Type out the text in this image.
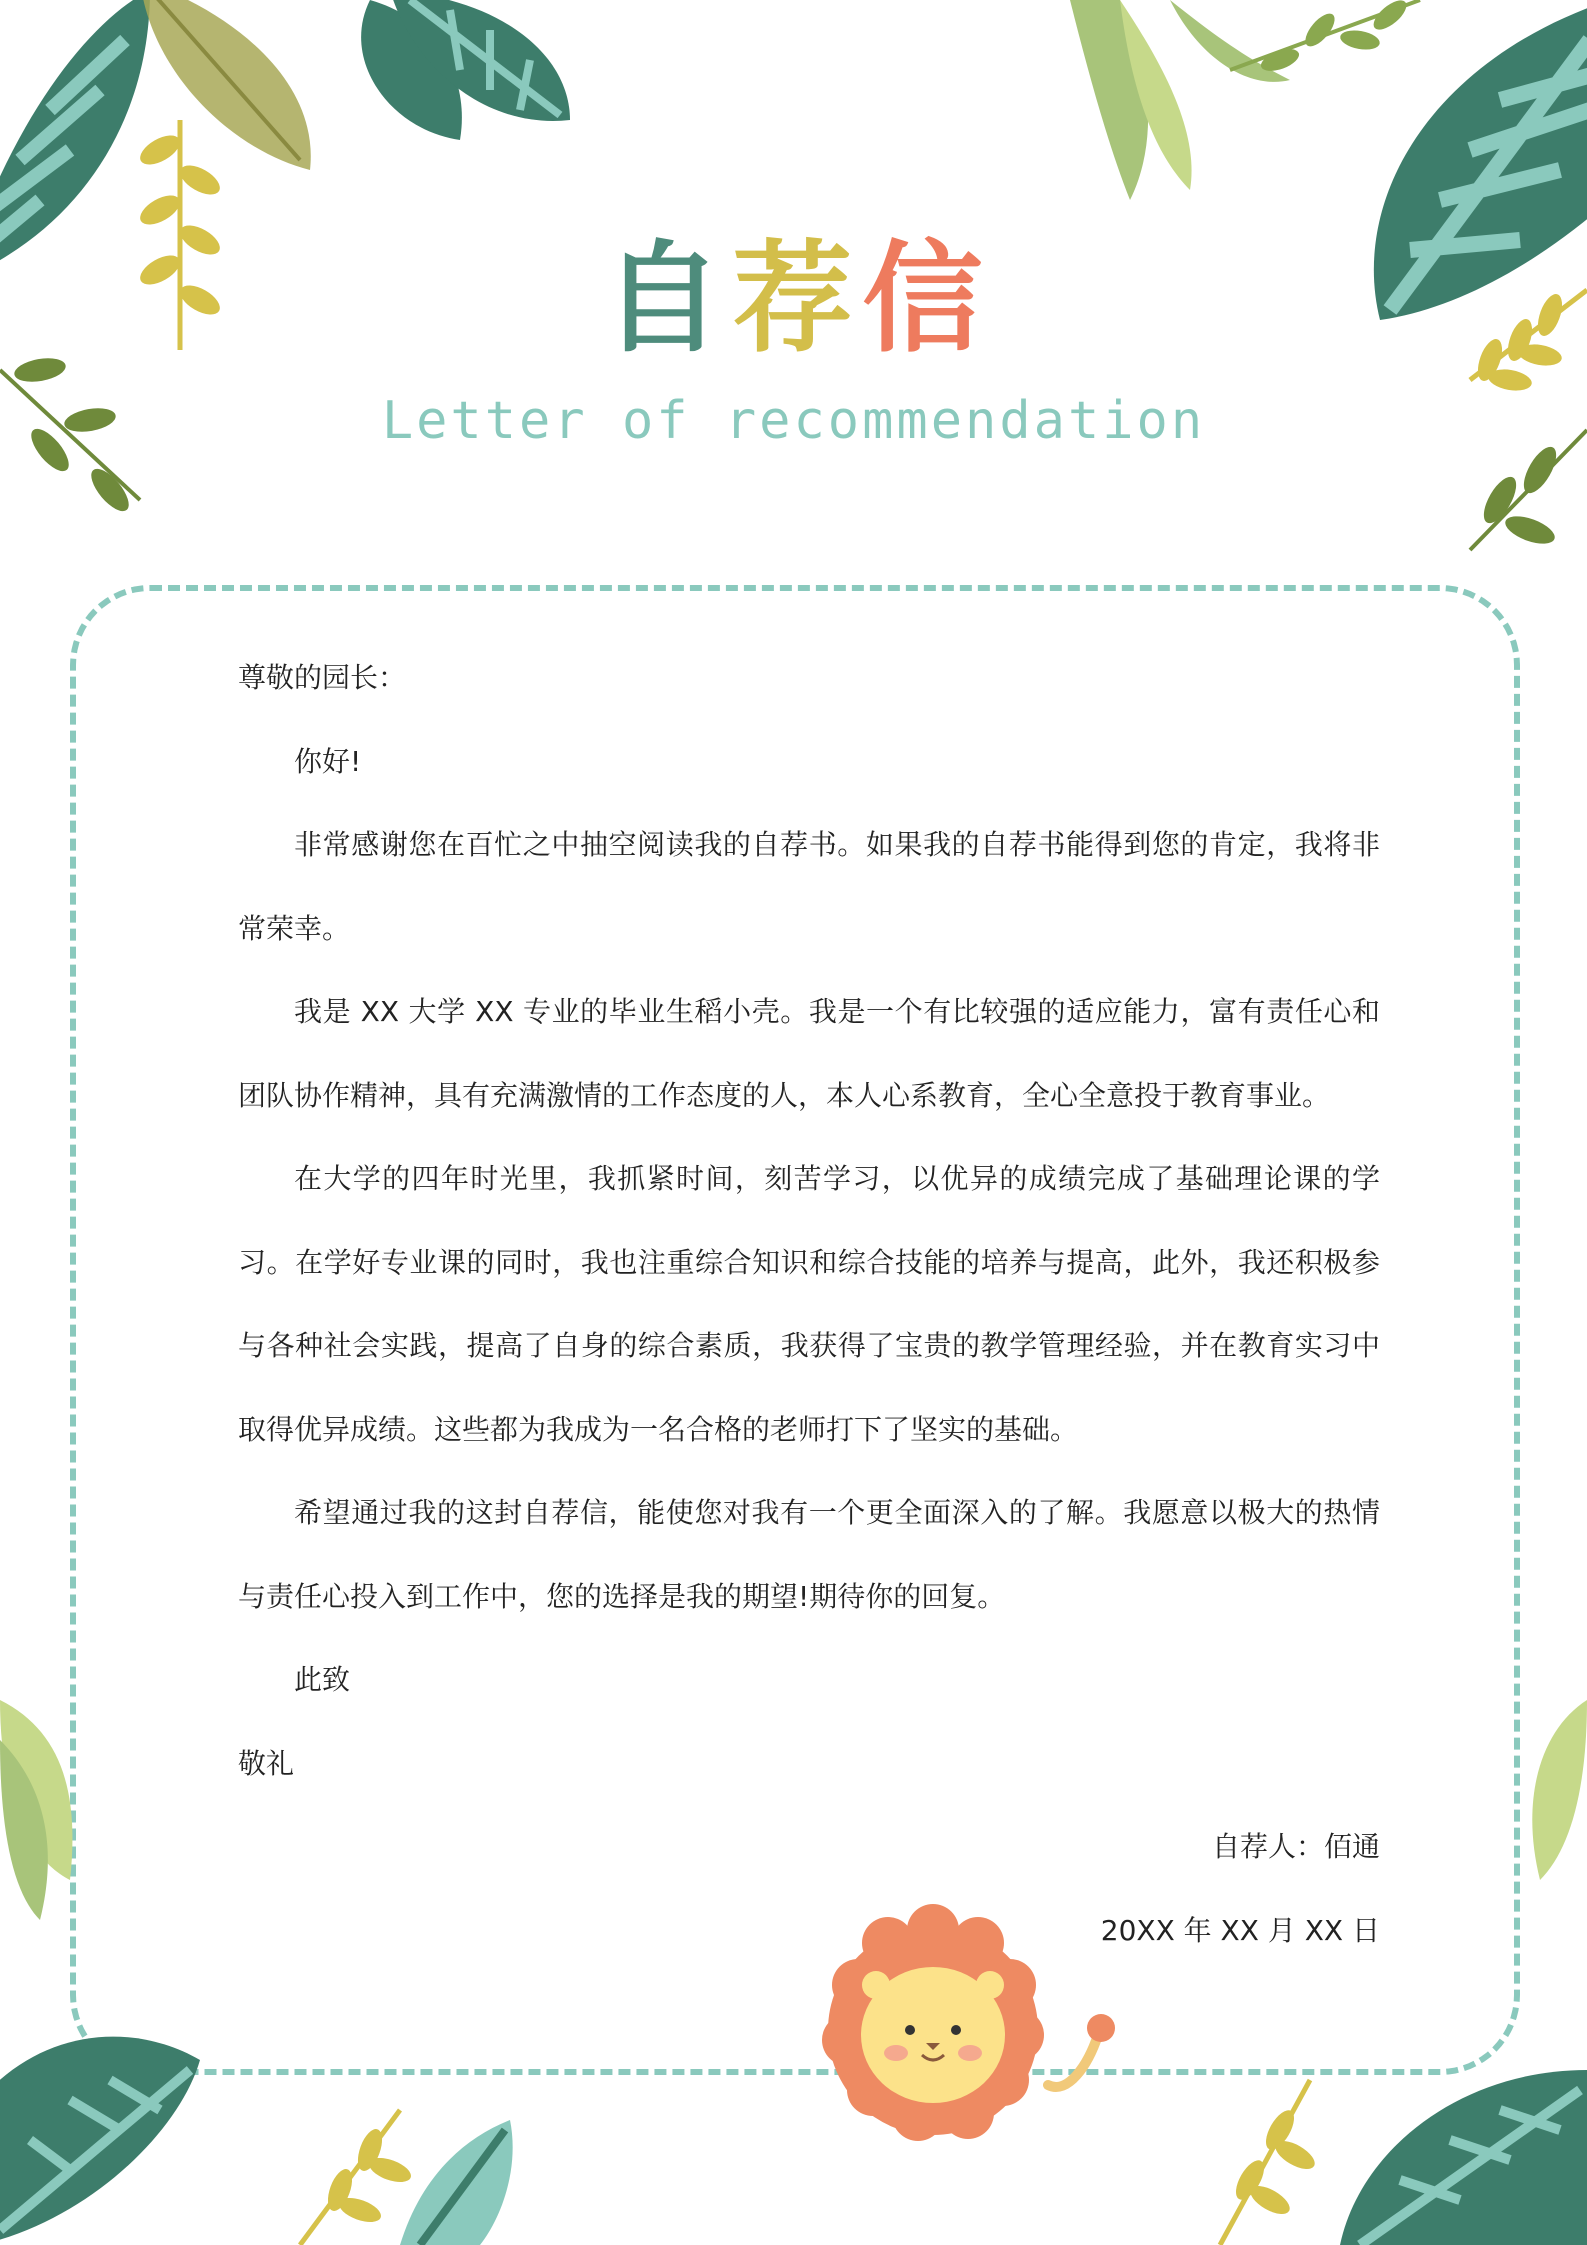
自荐信
Letter of recommendation

尊敬的园长：

你好!

非常感谢您在百忙之中抽空阅读我的自荐书。如果我的自荐书能得到您的肯定，我将非常荣幸。

我是 XX 大学 XX 专业的毕业生稻小壳。我是一个有比较强的适应能力，富有责任心和团队协作精神，具有充满激情的工作态度的人，本人心系教育，全心全意投于教育事业。

在大学的四年时光里，我抓紧时间，刻苦学习，以优异的成绩完成了基础理论课的学习。在学好专业课的同时，我也注重综合知识和综合技能的培养与提高，此外，我还积极参与各种社会实践，提高了自身的综合素质，我获得了宝贵的教学管理经验，并在教育实习中取得优异成绩。这些都为我成为一名合格的老师打下了坚实的基础。

希望通过我的这封自荐信，能使您对我有一个更全面深入的了解。我愿意以极大的热情与责任心投入到工作中，您的选择是我的期望!期待你的回复。

此致

敬礼

自荐人：佰通

20XX 年 XX 月 XX 日
